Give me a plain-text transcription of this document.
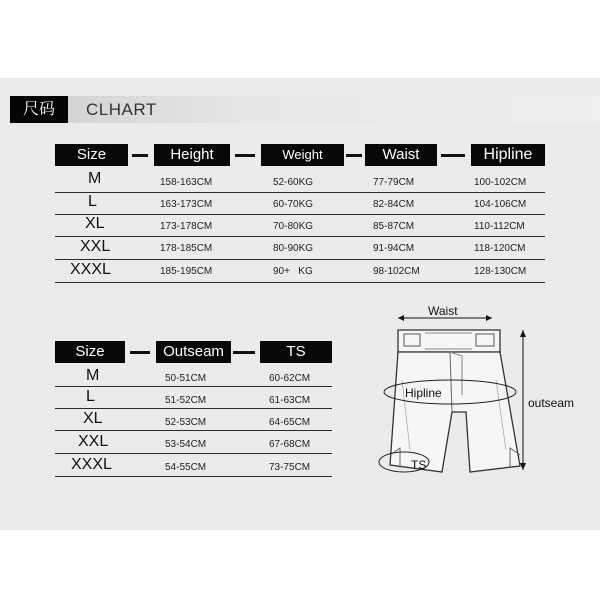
尺码	CLHART
Size	Height	Weight	Waist	Hipline
M	158-163CM	52-60KG	77-79CM	100-102CM
L	163-173CM	60-70KG	82-84CM	104-106CM
XL	173-178CM	70-80KG	85-87CM	110-112CM
XXL	178-185CM	80-90KG	91-94CM	118-120CM
XXXL	185-195CM	90+   KG	98-102CM	128-130CM
Size	Outseam	TS
M	50-51CM	60-62CM
L	51-52CM	61-63CM
XL	52-53CM	64-65CM
XXL	53-54CM	67-68CM
XXXL	54-55CM	73-75CM
Waist
Hipline
outseam
TS
